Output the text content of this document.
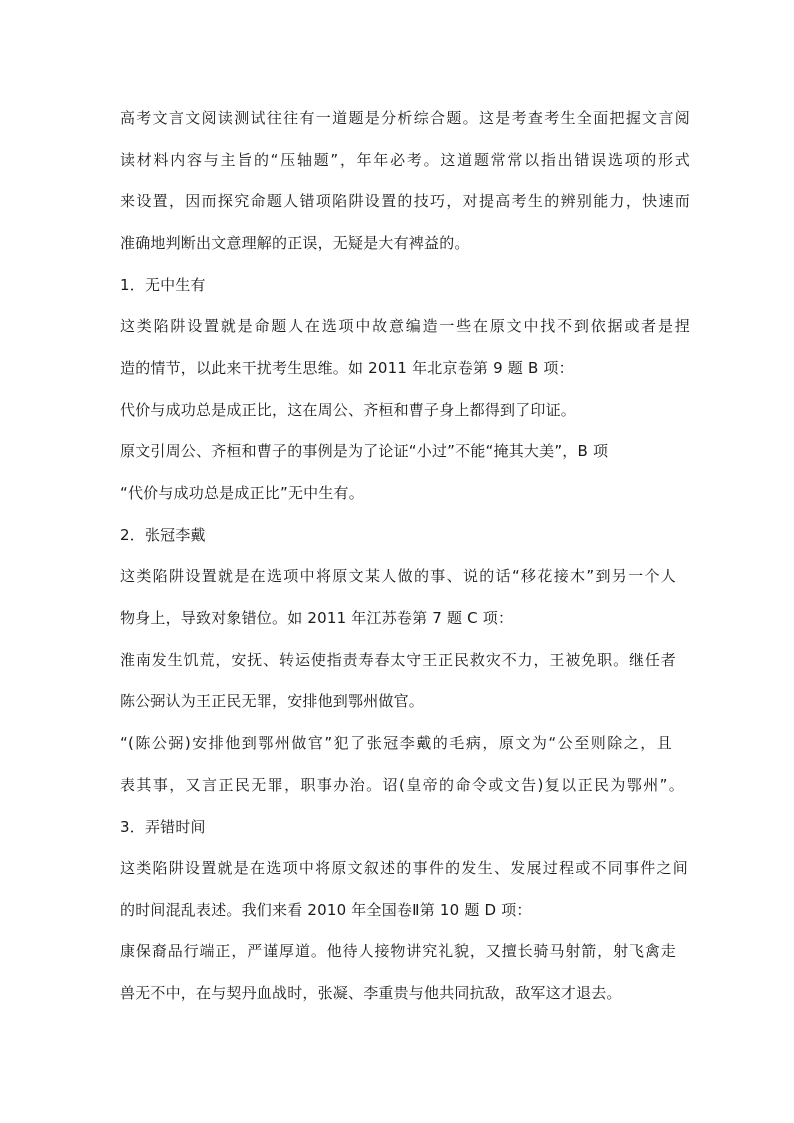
高考文言文阅读测试往往有一道题是分析综合题。这是考查考生全面把握文言阅
读材料内容与主旨的“压轴题”，年年必考。这道题常常以指出错误选项的形式
来设置，因而探究命题人错项陷阱设置的技巧，对提高考生的辨别能力，快速而
准确地判断出文意理解的正误，无疑是大有裨益的。
1．无中生有
这类陷阱设置就是命题人在选项中故意编造一些在原文中找不到依据或者是捏
造的情节，以此来干扰考生思维。如 2011 年北京卷第 9 题 B 项：
代价与成功总是成正比，这在周公、齐桓和曹子身上都得到了印证。
原文引周公、齐桓和曹子的事例是为了论证“小过”不能“掩其大美”，B 项
“代价与成功总是成正比”无中生有。
2．张冠李戴
这类陷阱设置就是在选项中将原文某人做的事、说的话“移花接木”到另一个人
物身上，导致对象错位。如 2011 年江苏卷第 7 题 C 项：
淮南发生饥荒，安抚、转运使指责寿春太守王正民救灾不力，王被免职。继任者
陈公弼认为王正民无罪，安排他到鄂州做官。
“(陈公弼)安排他到鄂州做官”犯了张冠李戴的毛病，原文为“公至则除之，且
表其事，又言正民无罪，职事办治。诏(皇帝的命令或文告)复以正民为鄂州”。
3．弄错时间
这类陷阱设置就是在选项中将原文叙述的事件的发生、发展过程或不同事件之间
的时间混乱表述。我们来看 2010 年全国卷Ⅱ第 10 题 D 项：
康保裔品行端正，严谨厚道。他待人接物讲究礼貌，又擅长骑马射箭，射飞禽走
兽无不中，在与契丹血战时，张凝、李重贵与他共同抗敌，敌军这才退去。
